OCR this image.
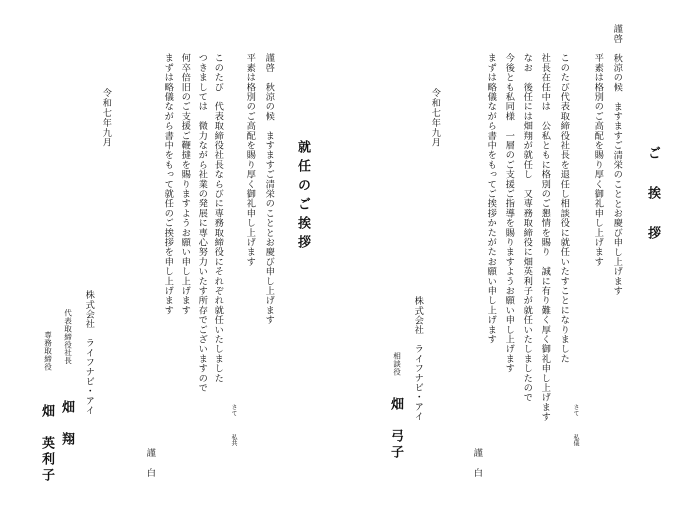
ご　挨　拶
謹啓　秋涼の候　ますますご清栄のこととお慶び申し上げます
平素は格別のご高配を賜り厚く御礼申し上げます
このたび代表取締役社長を退任し相談役に就任いたすことになりました
社長在任中は　公私ともに格別のご懇情を賜り　誠に有り難く厚く御礼申し上げます
なお　後任には畑翔が就任し　又専務取締役に畑英利子が就任いたしましたので
今後とも私同様　一層のご支援ご指導を賜りますようお願い申し上げます
まずは略儀ながら書中をもってご挨拶かたがたお願い申し上げます
さて
私儀
令和七年九月
謹　白
株式会社　ライフナビ・アイ
相談役
畑　弓子
就任のご挨拶
謹啓　秋涼の候　ますますご清栄のこととお慶び申し上げます
平素は格別のご高配を賜り厚く御礼申し上げます
このたび　代表取締役社長ならびに専務取締役にそれぞれ就任いたしました
つきましては　微力ながら社業の発展に専心努力いたす所存でございますので
何卒倍旧のご支援ご鞭撻を賜りますようお願い申し上げます
まずは略儀ながら書中をもって就任のご挨拶を申し上げます
さて
私共
謹　白
令和七年九月
株式会社　ライフナビ・アイ
代表取締役社長
畑　翔
専務取締役
畑　英利子
